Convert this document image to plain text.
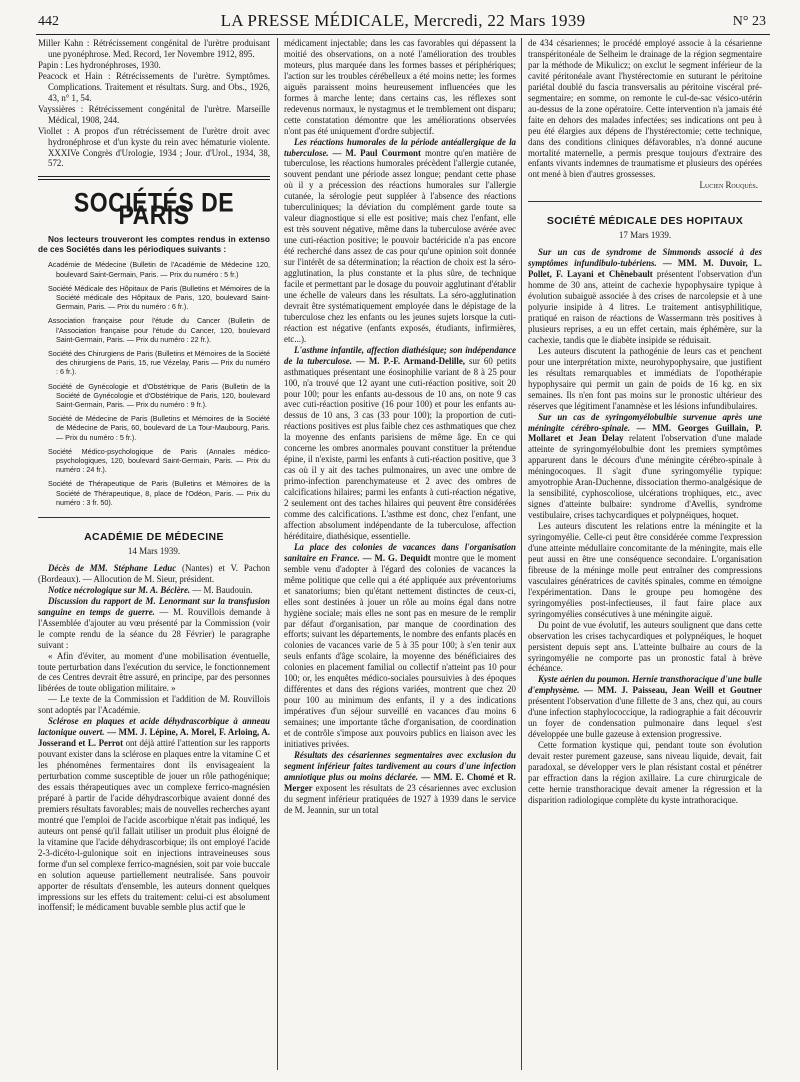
442	LA PRESSE MÉDICALE, Mercredi, 22 Mars 1939	N° 23

Miller Kahn : Rétrécissement congénital de l'urètre produisant une pyonéphrose. Med. Record, 1er Novembre 1912, 895.

Papin : Les hydronéphroses, 1930.

Peacock et Hain : Rétrécissements de l'urètre. Symptômes. Complications. Traitement et résultats. Surg. and Obs., 1926, 43, n° 1, 54.

Vayssières : Rétrécissement congénital de l'urètre. Marseille Médical, 1908, 244.

Viollet : A propos d'un rétrécissement de l'urètre droit avec hydronéphrose et d'un kyste du rein avec hématurie violente. XXXIVe Congrès d'Urologie, 1934 ; Jour. d'Urol., 1934, 38, 572.

SOCIÉTÉS DE PARIS

Nos lecteurs trouveront les comptes rendus in extenso de ces Sociétés dans les périodiques suivants :

Académie de Médecine (Bulletin de l'Académie de Médecine 120, boulevard Saint-Germain, Paris. — Prix du numéro : 5 fr.)

Société Médicale des Hôpitaux de Paris (Bulletins et Mémoires de la Société médicale des Hôpitaux de Paris, 120, boulevard Saint-Germain, Paris. — Prix du numéro : 6 fr.).

Association française pour l'étude du Cancer (Bulletin de l'Association française pour l'étude du Cancer, 120, boulevard Saint-Germain, Paris. — Prix du numéro : 22 fr.).

Société des Chirurgiens de Paris (Bulletins et Mémoires de la Société des chirurgiens de Paris, 15, rue Vézelay, Paris — Prix du numéro : 6 fr.).

Société de Gynécologie et d'Obstétrique de Paris (Bulletin de la Société de Gynécologie et d'Obstétrique de Paris, 120, boulevard Saint-Germain, Paris. — Prix du numéro : 9 fr.).

Société de Médecine de Paris (Bulletins et Mémoires de la Société de Médecine de Paris, 60, boulevard de La Tour-Maubourg, Paris. — Prix du numéro : 5 fr.).

Société Médico-psychologique de Paris (Annales médico-psychologiques, 120, boulevard Saint-Germain, Paris. — Prix du numéro : 24 fr.).

Société de Thérapeutique de Paris (Bulletins et Mémoires de la Société de Thérapeutique, 8, place de l'Odéon, Paris. — Prix du numéro : 3 fr. 50).

ACADÉMIE DE MÉDECINE
14 Mars 1939.

Décès de MM. Stéphane Leduc (Nantes) et V. Pachon (Bordeaux). — Allocution de M. Sieur, président.

Notice nécrologique sur M. A. Béclère. — M. Baudouin.

Discussion du rapport de M. Lenormant sur la transfusion sanguine en temps de guerre. — M. Rouvillois demande à l'Assemblée d'ajouter au vœu présenté par la Commission (voir le compte rendu de la séance du 28 Février) le paragraphe suivant :

« Afin d'éviter, au moment d'une mobilisation éventuelle, toute perturbation dans l'exécution du service, le fonctionnement de ces Centres devrait être assuré, en principe, par des personnes libérées de toute obligation militaire. »

— Le texte de la Commission et l'addition de M. Rouvillois sont adoptés par l'Académie.

Sclérose en plaques et acide déhydrascorbique à anneau lactonique ouvert. — MM. J. Lépine, A. Morel, F. Arloing, A. Josserand et L. Perrot ont déjà attiré l'attention sur les rapports pouvant exister dans la sclérose en plaques entre la vitamine C et les phénomènes fermentaires dont ils envisageaient la perturbation comme susceptible de jouer un rôle pathogénique; des essais thérapeutiques avec un complexe ferrico-magnésien préparé à partir de l'acide déhydrascorbique avaient donné des premiers résultats favorables; mais de nouvelles recherches ayant montré que l'emploi de l'acide ascorbique n'était pas indiqué, les auteurs ont pensé qu'il fallait utiliser un produit plus éloigné de la vitamine que l'acide déhydrascorbique; ils ont employé l'acide 2-3-dicéto-l-gulonique soit en injections intraveineuses sous forme d'un sel complexe ferrico-magnésien, soit par voie buccale en solution aqueuse partiellement neutralisée. Sans pouvoir apporter de résultats d'ensemble, les auteurs donnent quelques impressions sur les effets du traitement: celui-ci est absolument inoffensif; le médicament buvable semble plus actif que le

médicament injectable; dans les cas favorables qui dépassent la moitié des observations, on a noté l'amélioration des troubles moteurs, plus marquée dans les formes basses et périphériques; l'action sur les troubles cérébelleux a été moins nette; les formes aiguës paraissent moins heureusement influencées que les formes à marche lente; dans certains cas, les réflexes sont redevenus normaux, le nystagmus et le tremblement ont disparu; cette constatation démontre que les améliorations observées n'ont pas été uniquement d'ordre subjectif.

Les réactions humorales de la période antéallergique de la tuberculose. — M. Paul Courmont montre qu'en matière de tuberculose, les réactions humorales précèdent l'allergie cutanée, souvent pendant une période assez longue; pendant cette phase où il y a précession des réactions humorales sur l'allergie cutanée, la sérologie peut suppléer à l'absence des réactions tuberculiniques; la déviation du complément garde toute sa valeur diagnostique si elle est positive; mais chez l'enfant, elle est très souvent négative, même dans la tuberculose avérée avec une cuti-réaction positive; le pouvoir bactéricide n'a pas encore été recherché dans assez de cas pour qu'une opinion soit donnée sur l'intérêt de sa détermination; la réaction de choix est la séro-agglutination, la plus constante et la plus sûre, de technique facile et permettant par le dosage du pouvoir agglutinant d'établir une échelle de valeurs dans les résultats. La séro-agglutination devrait être systématiquement employée dans le dépistage de la tuberculose chez les enfants ou les jeunes sujets lorsque la cuti-réaction est négative (enfants exposés, étudiants, infirmières, etc...).

L'asthme infantile, affection diathésique; son indépendance de la tuberculose. — M. P.-F. Armand-Delille, sur 60 petits asthmatiques présentant une éosinophilie variant de 8 à 25 pour 100, n'a trouvé que 12 ayant une cuti-réaction positive, soit 20 pour 100; pour les enfants au-dessous de 10 ans, on note 9 cas avec cuti-réaction positive (16 pour 100) et pour les enfants au-dessus de 10 ans, 3 cas (33 pour 100); la proportion de cuti-réactions positives est plus faible chez ces asthmatiques que chez la moyenne des enfants parisiens de même âge. En ce qui concerne les ombres anormales pouvant constituer la prétendue épine, il n'existe, parmi les enfants à cuti-réaction positive, que 3 cas où il y ait des taches pulmonaires, un avec une ombre de primo-infection parenchymateuse et 2 avec des ombres de calcifications hilaires; parmi les enfants à cuti-réaction négative, 2 seulement ont des taches hilaires qui peuvent être considérées comme des calcifications. L'asthme est donc, chez l'enfant, une affection absolument indépendante de la tuberculose, affection héréditaire, diathésique, essentielle.

La place des colonies de vacances dans l'organisation sanitaire en France. — M. G. Dequidt montre que le moment semble venu d'adopter à l'égard des colonies de vacances la même politique que celle qui a été appliquée aux préventoriums et sanatoriums; bien qu'étant nettement distinctes de ceux-ci, elles sont destinées à jouer un rôle au moins égal dans notre hygiène sociale; mais elles ne sont pas en mesure de le remplir par défaut d'organisation, par manque de coordination des efforts; suivant les départements, le nombre des enfants placés en colonies de vacances varie de 5 à 35 pour 100; à s'en tenir aux seuls enfants d'âge scolaire, la moyenne des bénéficiaires des colonies en placement familial ou collectif n'atteint pas 10 pour 100; or, les enquêtes médico-sociales poursuivies à des époques différentes et dans des régions variées, montrent que chez 20 pour 100 au minimum des enfants, il y a des indications impératives d'un séjour surveillé en vacances d'au moins 6 semaines; une importante tâche d'organisation, de coordination et de contrôle s'impose aux pouvoirs publics en liaison avec les initiatives privées.

Résultats des césariennes segmentaires avec exclusion du segment inférieur faites tardivement au cours d'une infection amniotique plus ou moins déclarée. — MM. E. Chomé et R. Merger exposent les résultats de 23 césariennes avec exclusion du segment inférieur pratiquées de 1927 à 1939 dans le service de M. Jeannin, sur un total

de 434 césariennes; le procédé employé associe à la césarienne transpéritonéale de Selheim le drainage de la région segmentaire par la méthode de Mikulicz; on exclut le segment inférieur de la cavité péritonéale avant l'hystérectomie en suturant le péritoine pariétal doublé du fascia transversalis au péritoine viscéral pré-segmentaire; en somme, on remonte le cul-de-sac vésico-utérin au-dessus de la zone opératoire. Cette intervention n'a jamais été faite en dehors des malades infectées; ses indications ont peu à peu été élargies aux dépens de l'hystérectomie; cette technique, dans des conditions cliniques défavorables, n'a donné aucune mortalité maternelle, a permis presque toujours d'extraire des enfants vivants indemnes de traumatisme et plusieurs des opérées ont mené à bien d'autres grossesses.

Lucien Rouquès.
SOCIÉTÉ MÉDICALE DES HOPITAUX
17 Mars 1939.

Sur un cas de syndrome de Simmonds associé à des symptômes infundibulo-tubériens. — MM. M. Duvoir, L. Pollet, F. Layani et Chênebault présentent l'observation d'un homme de 30 ans, atteint de cachexie hypophysaire typique à évolution subaiguë associée à des crises de narcolepsie et à une polyurie insipide à 4 litres. Le traitement antisyphilitique, pratiqué en raison de réactions de Wassermann très positives à plusieurs reprises, a eu un effet certain, mais éphémère, sur la cachexie, tandis que le diabète insipide se réduisait.

Les auteurs discutent la pathogénie de leurs cas et penchent pour une interprétation mixte, neurohypophysaire, que justifient les résultats remarquables et immédiats de l'opothérapie hypophysaire qui permit un gain de poids de 16 kg. en six semaines. Ils n'en font pas moins sur le pronostic ultérieur des réserves que légitiment l'anamnèse et les lésions infundibulaires.

Sur un cas de syringomyélobulbie survenue après une méningite cérébro-spinale. — MM. Georges Guillain, P. Mollaret et Jean Delay relatent l'observation d'une malade atteinte de syringomyélobulbie dont les premiers symptômes apparurent dans le décours d'une méningite cérébro-spinale à méningocoques. Il s'agit d'une syringomyélie typique: amyotrophie Aran-Duchenne, dissociation thermo-analgésique de la sensibilité, cyphoscoliose, ulcérations trophiques, etc., avec signes d'atteinte bulbaire: syndrome d'Avellis, syndrome vestibulaire, crises tachycardiques et polypnéiques, hoquet.

Les auteurs discutent les relations entre la méningite et la syringomyélie. Celle-ci peut être considérée comme l'expression d'une atteinte médullaire concomitante de la méningite, mais elle peut aussi en être une conséquence secondaire. L'organisation fibreuse de la méninge molle peut entraîner des compressions vasculaires génératrices de cavités spinales, comme en témoigne l'expérimentation. Dans le groupe peu homogène des syringomyélies post-infectieuses, il faut faire place aux syringomyélies consécutives à une méningite aiguë.

Du point de vue évolutif, les auteurs soulignent que dans cette observation les crises tachycardiques et polypnéiques, le hoquet persistent depuis sept ans. L'atteinte bulbaire au cours de la syringomyélie ne comporte pas un pronostic fatal à brève échéance.

Kyste aérien du poumon. Hernie transthoracique d'une bulle d'emphysème. — MM. J. Paisseau, Jean Weill et Goutner présentent l'observation d'une fillette de 3 ans, chez qui, au cours d'une infection staphylococcique, la radiographie a fait découvrir un foyer de condensation pulmonaire dans lequel s'est développée une bulle gazeuse à extension progressive.

Cette formation kystique qui, pendant toute son évolution devait rester purement gazeuse, sans niveau liquide, devait, fait paradoxal, se développer vers le plan résistant costal et pénétrer par effraction dans la région axillaire. La cure chirurgicale de cette hernie transthoracique devait amener la régression et la disparition radiologique complète du kyste intrathoracique.
